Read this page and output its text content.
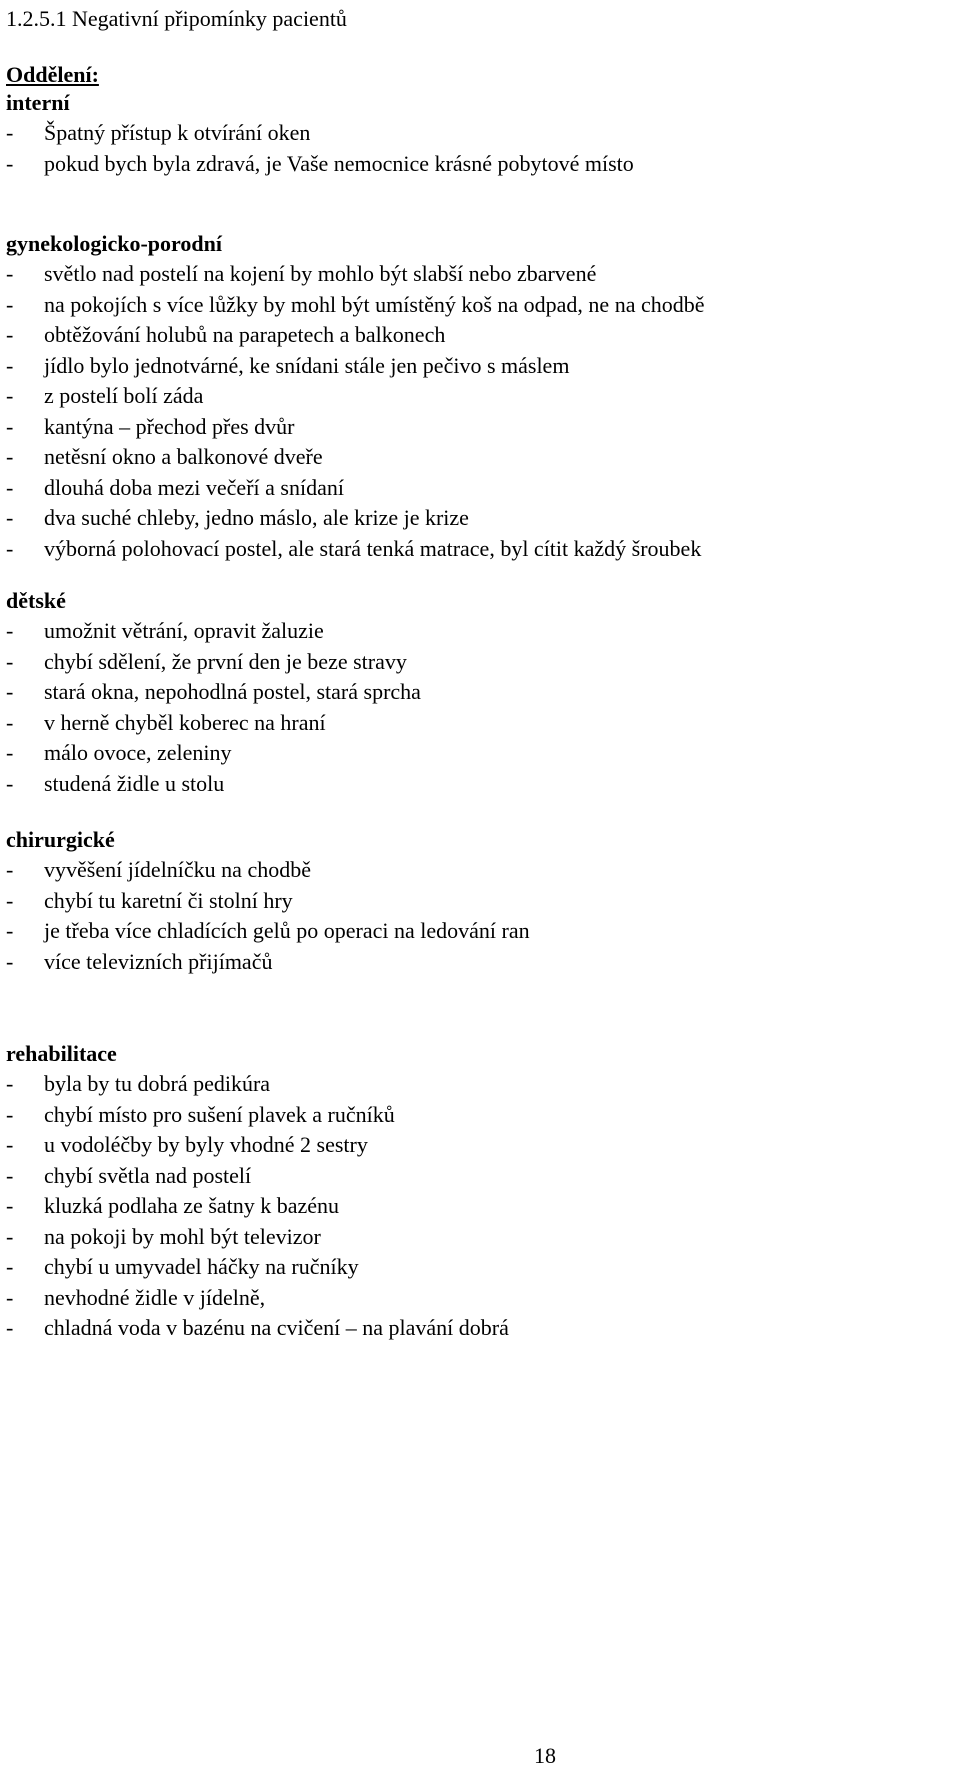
1.2.5.1 Negativní připomínky pacientů
Oddělení:
interní
-	Špatný přístup k otvírání oken
-	pokud bych byla zdravá, je Vaše nemocnice krásné pobytové místo
gynekologicko-porodní
-	světlo nad postelí na kojení by mohlo být slabší nebo zbarvené
-	na pokojích s více lůžky by mohl být umístěný koš na odpad, ne na chodbě
-	obtěžování holubů na parapetech a balkonech
-	jídlo bylo jednotvárné, ke snídani stále jen pečivo s máslem
-	z postelí bolí záda
-	kantýna – přechod přes dvůr
-	netěsní okno a balkonové dveře
-	dlouhá doba mezi večeří a snídaní
-	dva suché chleby, jedno máslo, ale krize je krize
-	výborná polohovací postel, ale stará tenká matrace, byl cítit každý šroubek
dětské
-	umožnit větrání, opravit žaluzie
-	chybí sdělení, že první den je beze stravy
-	stará okna, nepohodlná postel, stará sprcha
-	v herně chyběl koberec na hraní
-	málo ovoce, zeleniny
-	studená židle u stolu
chirurgické
-	vyvěšení jídelníčku na chodbě
-	chybí tu karetní či stolní hry
-	je třeba více chladících gelů po operaci na ledování ran
-	více televizních přijímačů
rehabilitace
-	byla by tu dobrá pedikúra
-	chybí místo pro sušení plavek a ručníků
-	u vodoléčby by byly vhodné 2 sestry
-	chybí světla nad postelí
-	kluzká podlaha ze šatny k bazénu
-	na pokoji by mohl být televizor
-	chybí u umyvadel háčky na ručníky
-	nevhodné židle v jídelně,
-	chladná voda v bazénu na cvičení – na plavání dobrá
18
